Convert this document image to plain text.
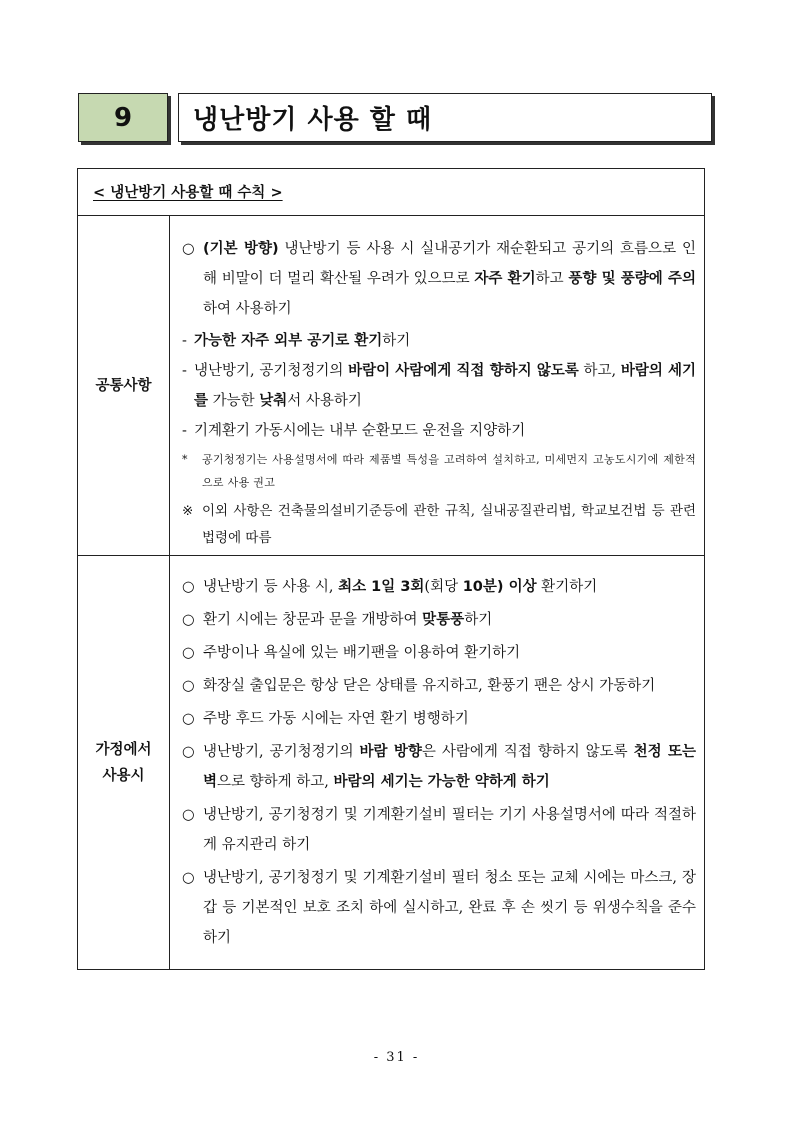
9	냉난방기 사용 할 때
< 냉난방기 사용할 때 수칙 >
공통사항
○ (기본 방향) 냉난방기 등 사용 시 실내공기가 재순환되고 공기의 흐름으로 인해 비말이 더 멀리 확산될 우려가 있으므로 자주 환기하고 풍향 및 풍량에 주의하여 사용하기
- 가능한 자주 외부 공기로 환기하기
- 냉난방기, 공기청정기의 바람이 사람에게 직접 향하지 않도록 하고, 바람의 세기를 가능한 낮춰서 사용하기
- 기계환기 가동시에는 내부 순환모드 운전을 지양하기
* 공기청정기는 사용설명서에 따라 제품별 특성을 고려하여 설치하고, 미세먼지 고농도시기에 제한적으로 사용 권고
※ 이외 사항은 건축물의설비기준등에 관한 규칙, 실내공질관리법, 학교보건법 등 관련 법령에 따름
가정에서
사용시
○ 냉난방기 등 사용 시, 최소 1일 3회(회당 10분) 이상 환기하기
○ 환기 시에는 창문과 문을 개방하여 맞통풍하기
○ 주방이나 욕실에 있는 배기팬을 이용하여 환기하기
○ 화장실 출입문은 항상 닫은 상태를 유지하고, 환풍기 팬은 상시 가동하기
○ 주방 후드 가동 시에는 자연 환기 병행하기
○ 냉난방기, 공기청정기의 바람 방향은 사람에게 직접 향하지 않도록 천정 또는 벽으로 향하게 하고, 바람의 세기는 가능한 약하게 하기
○ 냉난방기, 공기청정기 및 기계환기설비 필터는 기기 사용설명서에 따라 적절하게 유지관리 하기
○ 냉난방기, 공기청정기 및 기계환기설비 필터 청소 또는 교체 시에는 마스크, 장갑 등 기본적인 보호 조치 하에 실시하고, 완료 후 손 씻기 등 위생수칙을 준수하기
- 31 -
